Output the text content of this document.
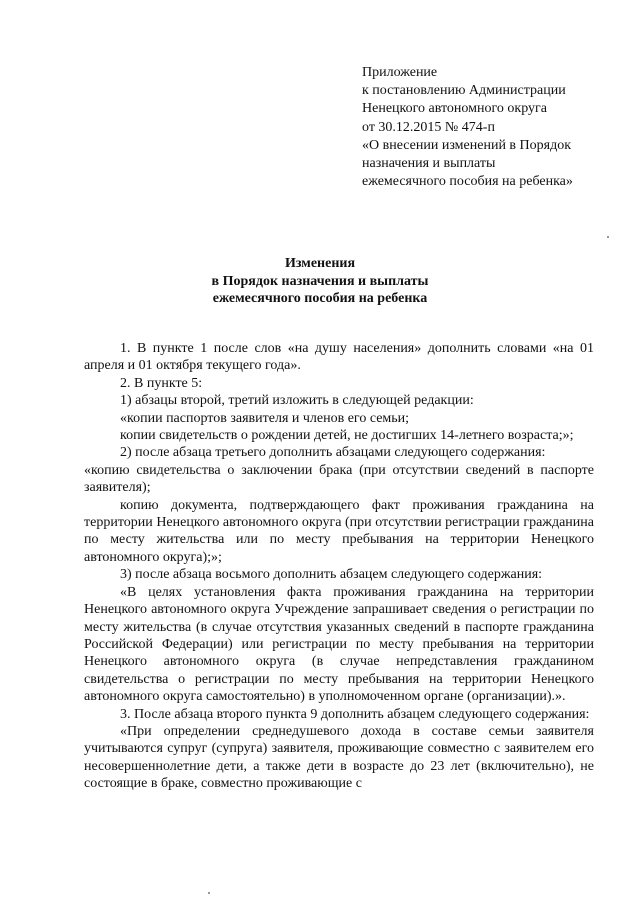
Приложение
к постановлению Администрации
Ненецкого автономного округа
от 30.12.2015 № 474-п
«О внесении изменений в Порядок
назначения и выплаты
ежемесячного пособия на ребенка»
Изменения
в Порядок назначения и выплаты
ежемесячного пособия на ребенка

1. В пункте 1 после слов «на душу населения» дополнить словами «на 01 апреля и 01 октября текущего года».

2. В пункте 5:

1) абзацы второй, третий изложить в следующей редакции:

«копии паспортов заявителя и членов его семьи;

копии свидетельств о рождении детей, не достигших 14-летнего возраста;»;

2) после абзаца третьего дополнить абзацами следующего содержания:

«копию свидетельства о заключении брака (при отсутствии сведений в паспорте заявителя);

копию документа, подтверждающего факт проживания гражданина на территории Ненецкого автономного округа (при отсутствии регистрации гражданина по месту жительства или по месту пребывания на территории Ненецкого автономного округа);»;

3) после абзаца восьмого дополнить абзацем следующего содержания:

«В целях установления факта проживания гражданина на территории Ненецкого автономного округа Учреждение запрашивает сведения о регистрации по месту жительства (в случае отсутствия указанных сведений в паспорте гражданина Российской Федерации) или регистрации по месту пребывания на территории Ненецкого автономного округа (в случае непредставления гражданином свидетельства о регистрации по месту пребывания на территории Ненецкого автономного округа самостоятельно) в уполномоченном органе (организации).».

3. После абзаца второго пункта 9 дополнить абзацем следующего содержания:

«При определении среднедушевого дохода в составе семьи заявителя учитываются супруг (супруга) заявителя, проживающие совместно с заявителем его несовершеннолетние дети, а также дети в возрасте до 23 лет (включительно), не состоящие в браке, совместно проживающие с
